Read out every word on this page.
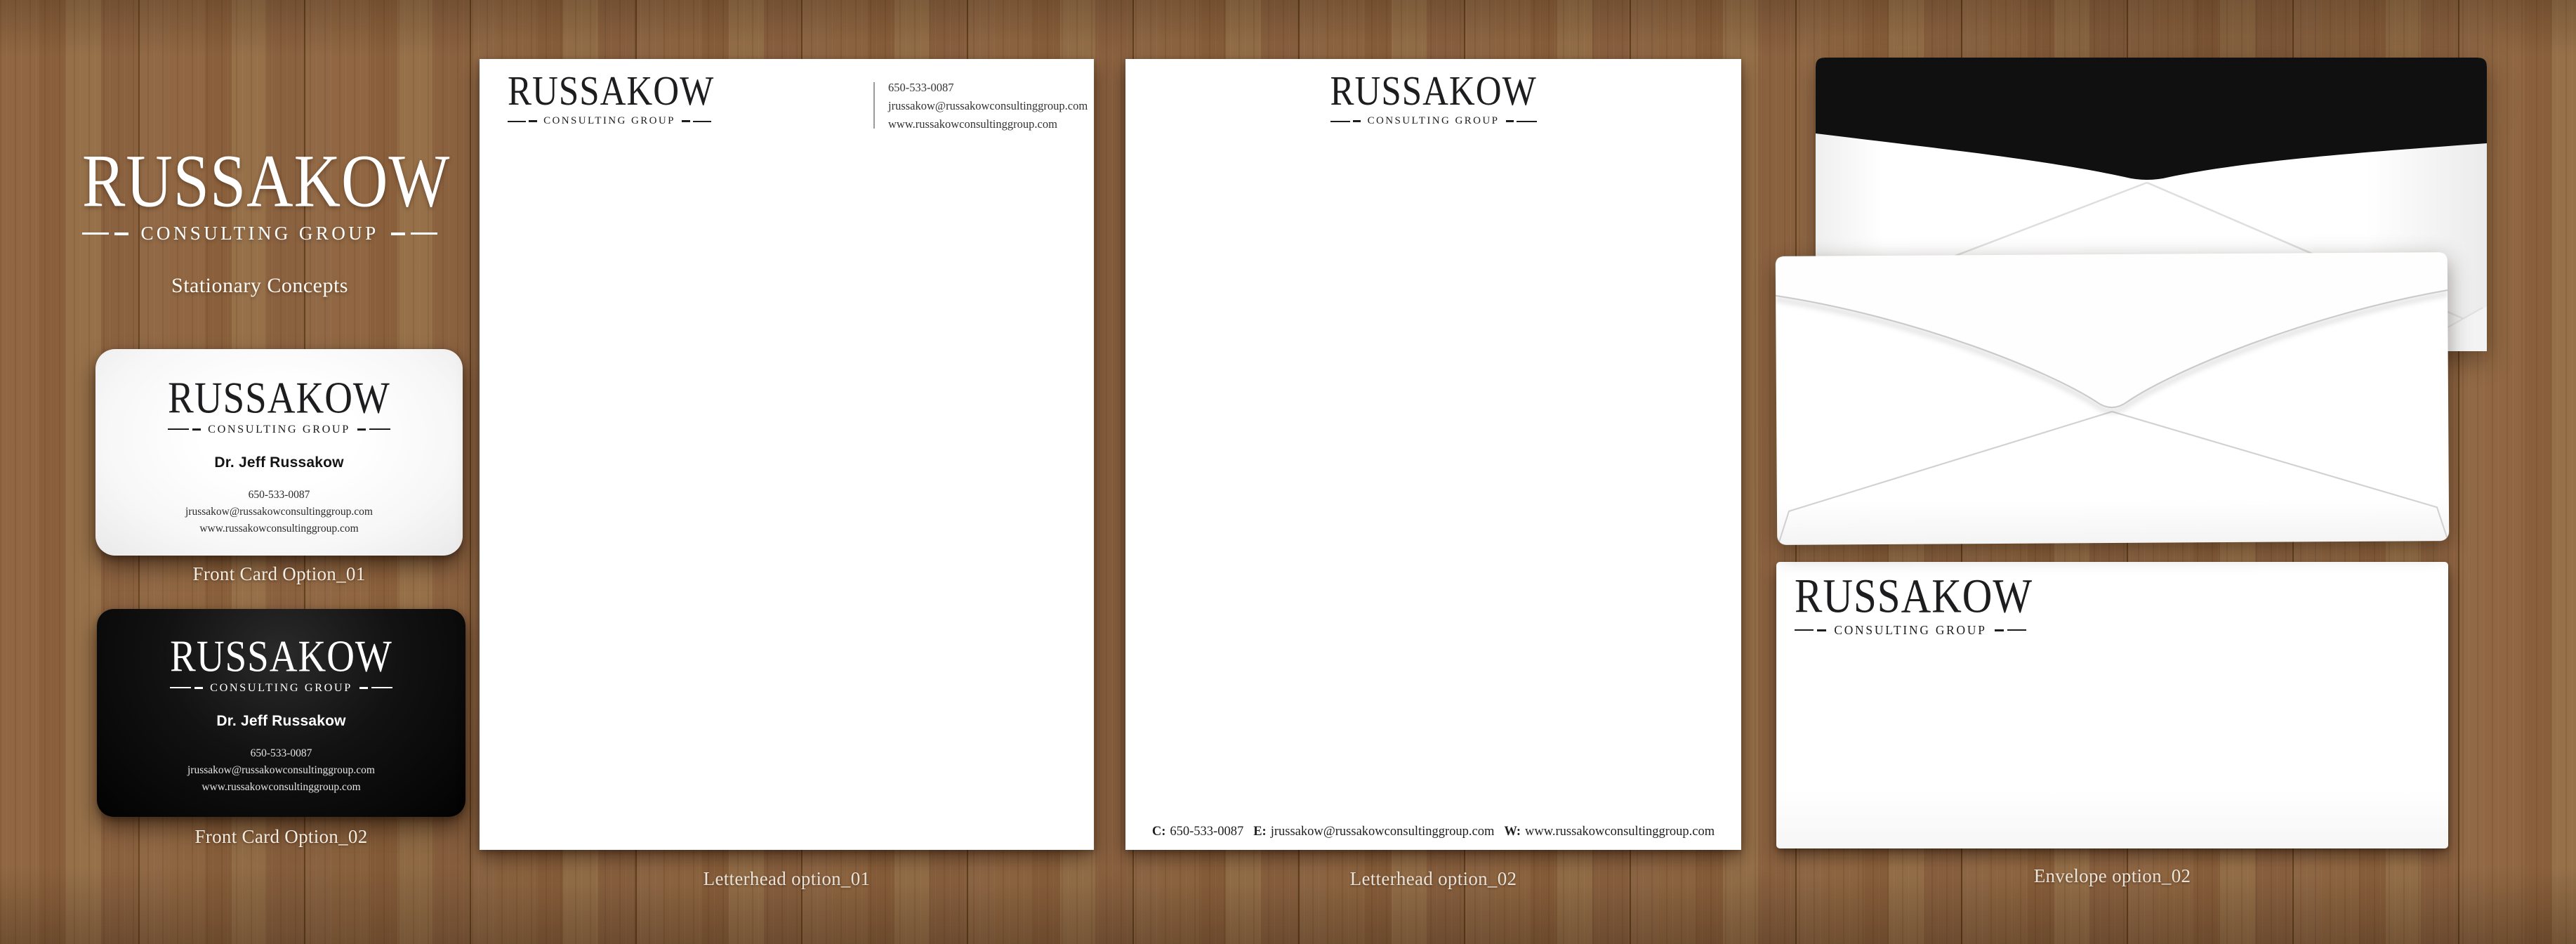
RUSSAKOW
CONSULTING GROUP
Stationary Concepts
RUSSAKOW
CONSULTING GROUP
Dr. Jeff Russakow
650-533-0087
jrussakow@russakowconsultinggroup.com
www.russakowconsultinggroup.com
Front Card Option_01
RUSSAKOW
CONSULTING GROUP
Dr. Jeff Russakow
650-533-0087
jrussakow@russakowconsultinggroup.com
www.russakowconsultinggroup.com
Front Card Option_02
RUSSAKOW
CONSULTING GROUP
650-533-0087
jrussakow@russakowconsultinggroup.com
www.russakowconsultinggroup.com
Letterhead option_01
RUSSAKOW
CONSULTING GROUP
C: 650-533-0087 E: jrussakow@russakowconsultinggroup.com W: www.russakowconsultinggroup.com
Letterhead option_02
RUSSAKOW
CONSULTING GROUP
Envelope option_02
